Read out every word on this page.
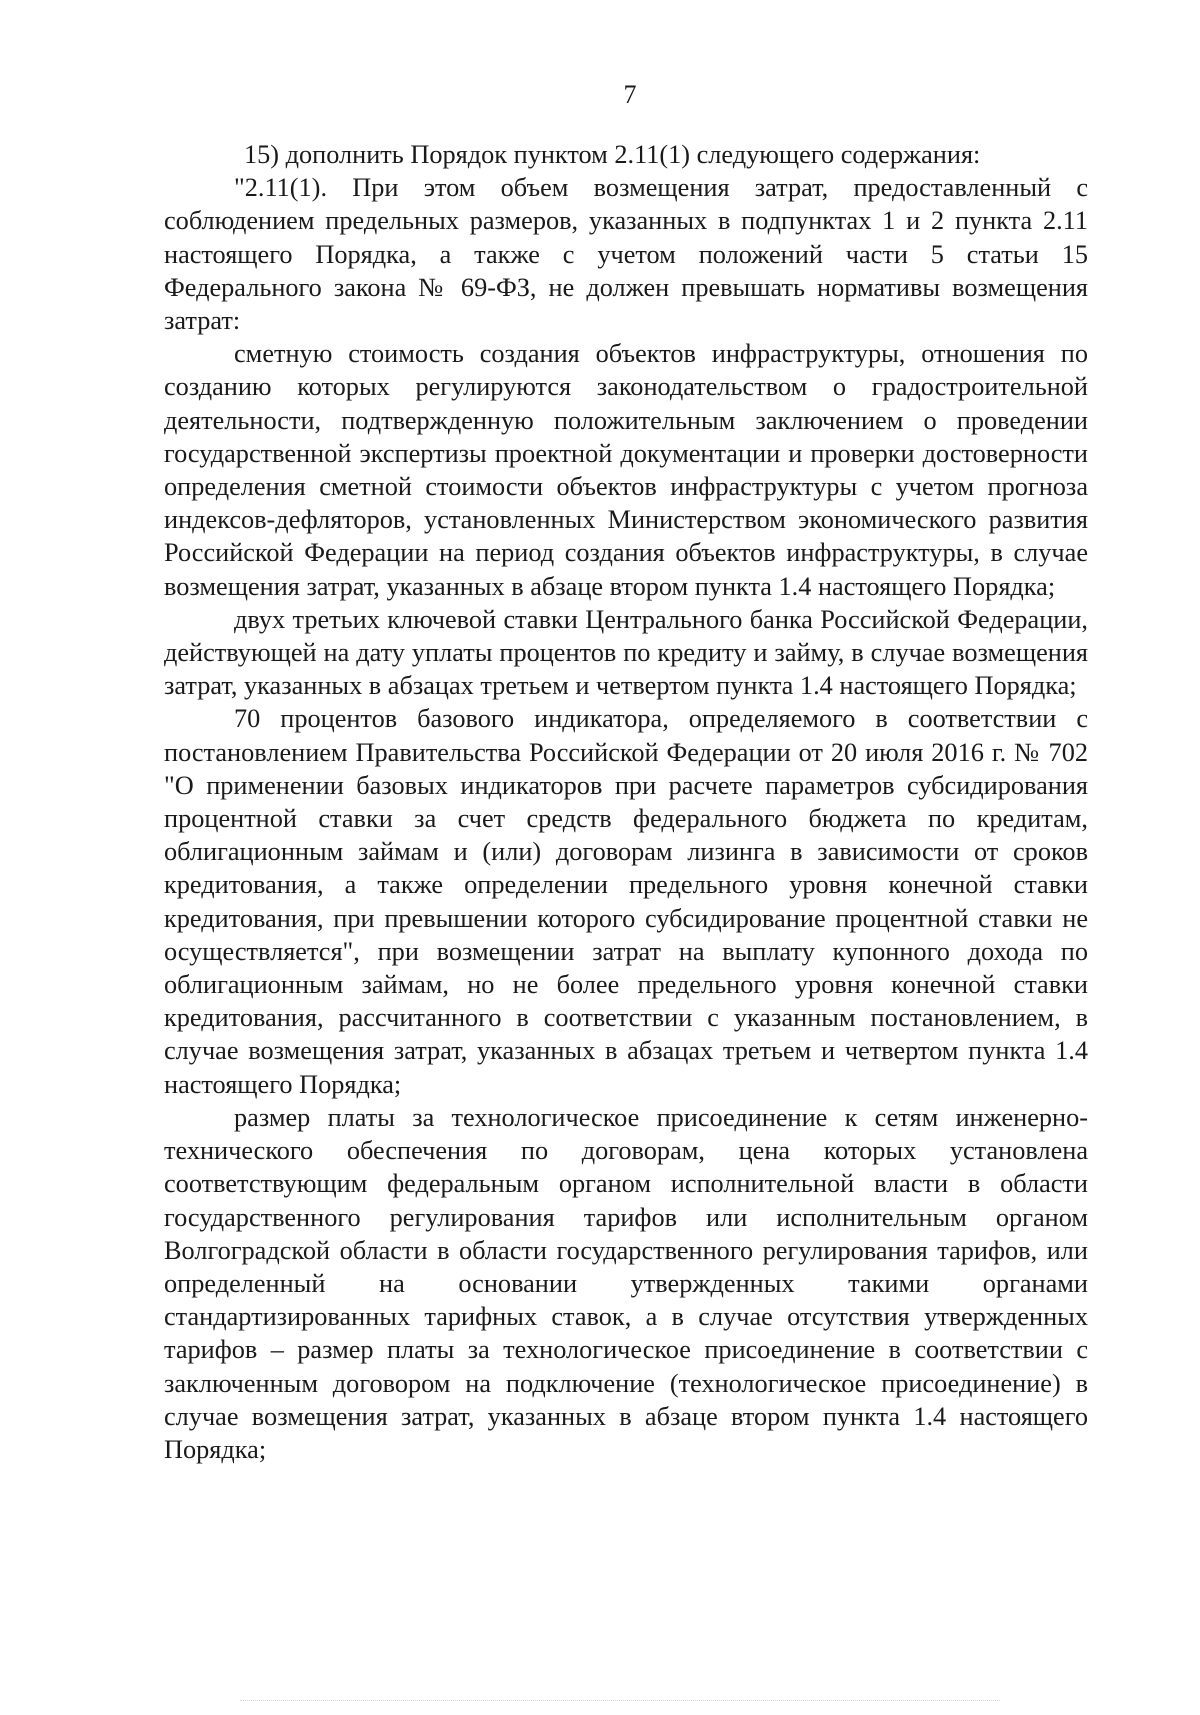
7

15) дополнить Порядок пунктом 2.11(1) следующего содержания:

"2.11(1). При этом объем возмещения затрат, предоставленный с соблюдением предельных размеров, указанных в подпунктах 1 и 2 пункта 2.11 настоящего Порядка, а также с учетом положений части 5 статьи 15 Федерального закона № 69-ФЗ, не должен превышать нормативы возмещения затрат:

сметную стоимость создания объектов инфраструктуры, отношения по созданию которых регулируются законодательством о градостроительной деятельности, подтвержденную положительным заключением о проведении государственной экспертизы проектной документации и проверки достоверности определения сметной стоимости объектов инфраструктуры с учетом прогноза индексов-дефляторов, установленных Министерством экономического развития Российской Федерации на период создания объектов инфраструктуры, в случае возмещения затрат, указанных в абзаце втором пункта 1.4 настоящего Порядка;

двух третьих ключевой ставки Центрального банка Российской Федерации, действующей на дату уплаты процентов по кредиту и займу, в случае возмещения затрат, указанных в абзацах третьем и четвертом пункта 1.4 настоящего Порядка;

70 процентов базового индикатора, определяемого в соответствии с постановлением Правительства Российской Федерации от 20 июля 2016 г. № 702 "О применении базовых индикаторов при расчете параметров субсидирования процентной ставки за счет средств федерального бюджета по кредитам, облигационным займам и (или) договорам лизинга в зависимости от сроков кредитования, а также определении предельного уровня конечной ставки кредитования, при превышении которого субсидирование процентной ставки не осуществляется", при возмещении затрат на выплату купонного дохода по облигационным займам, но не более предельного уровня конечной ставки кредитования, рассчитанного в соответствии с указанным постановлением, в случае возмещения затрат, указанных в абзацах третьем и четвертом пункта 1.4 настоящего Порядка;

размер платы за технологическое присоединение к сетям инженерно-технического обеспечения по договорам, цена которых установлена соответствующим федеральным органом исполнительной власти в области государственного регулирования тарифов или исполнительным органом Волгоградской области в области государственного регулирования тарифов, или определенный на основании утвержденных такими органами стандартизированных тарифных ставок, а в случае отсутствия утвержденных тарифов – размер платы за технологическое присоединение в соответствии с заключенным договором на подключение (технологическое присоединение) в случае возмещения затрат, указанных в абзаце втором пункта 1.4 настоящего Порядка;
